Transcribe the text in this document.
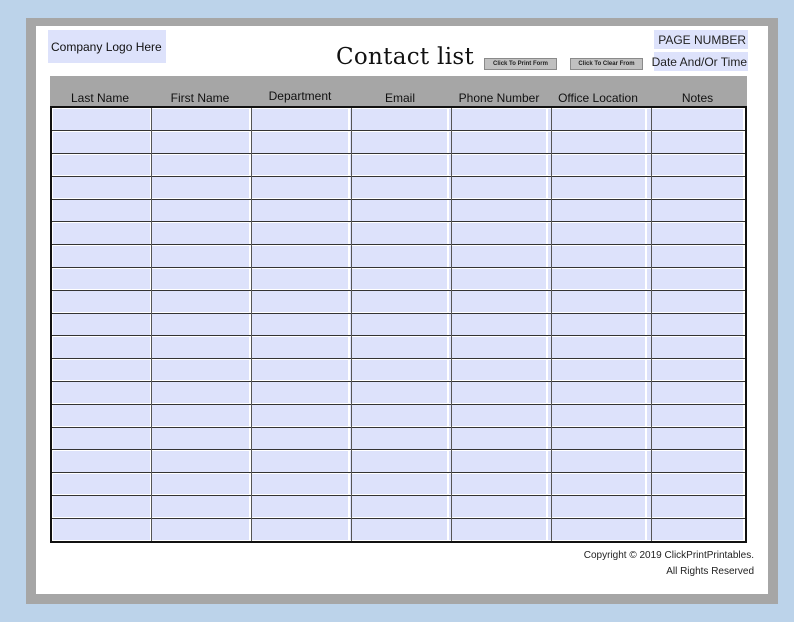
Company Logo Here	Contact list	Click To Print Form	Click To Clear From
PAGE NUMBER
Date And/Or Time
Last Name	First Name	Department	Email	Phone Number	Office Location	Notes
Copyright © 2019 ClickPrintPrintables.
All Rights Reserved
